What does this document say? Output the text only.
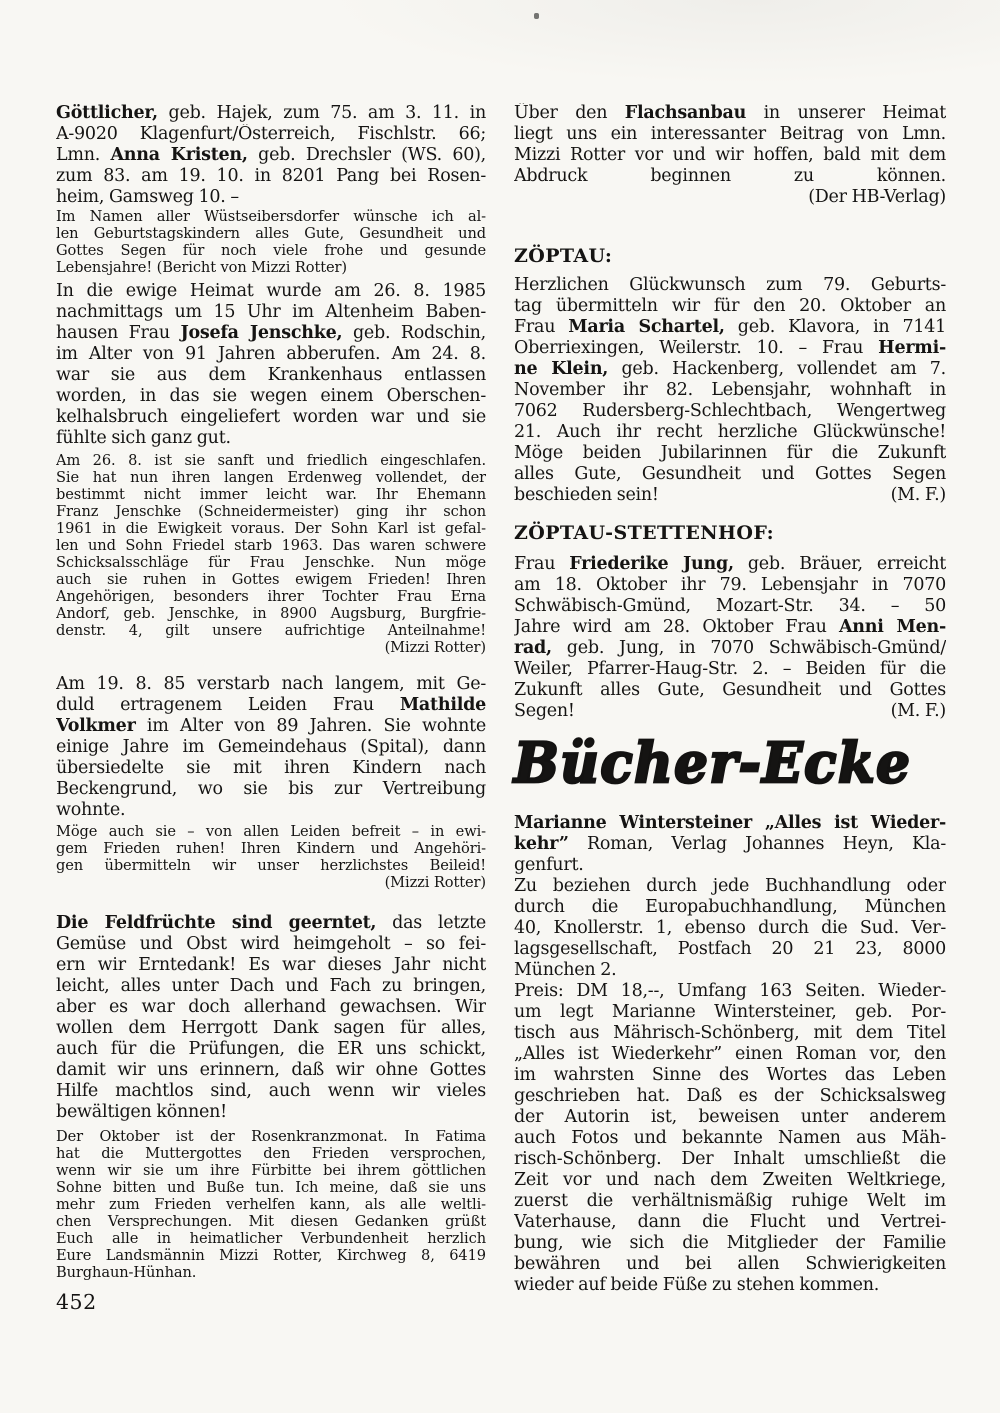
Göttlicher, geb. Hajek, zum 75. am 3. 11. in
A-9020 Klagenfurt/Österreich, Fischlstr. 66;
Lmn. Anna Kristen, geb. Drechsler (WS. 60),
zum 83. am 19. 10. in 8201 Pang bei Rosen-
heim, Gamsweg 10. –
Im Namen aller Wüstseibersdorfer wünsche ich al-
len Geburtstagskindern alles Gute, Gesundheit und
Gottes Segen für noch viele frohe und gesunde
Lebensjahre! (Bericht von Mizzi Rotter)
In die ewige Heimat wurde am 26. 8. 1985
nachmittags um 15 Uhr im Altenheim Baben-
hausen Frau Josefa Jenschke, geb. Rodschin,
im Alter von 91 Jahren abberufen. Am 24. 8.
war sie aus dem Krankenhaus entlassen
worden, in das sie wegen einem Oberschen-
kelhalsbruch eingeliefert worden war und sie
fühlte sich ganz gut.
Am 26. 8. ist sie sanft und friedlich eingeschlafen.
Sie hat nun ihren langen Erdenweg vollendet, der
bestimmt nicht immer leicht war. Ihr Ehemann
Franz Jenschke (Schneidermeister) ging ihr schon
1961 in die Ewigkeit voraus. Der Sohn Karl ist gefal-
len und Sohn Friedel starb 1963. Das waren schwere
Schicksalsschläge für Frau Jenschke. Nun möge
auch sie ruhen in Gottes ewigem Frieden! Ihren
Angehörigen, besonders ihrer Tochter Frau Erna
Andorf, geb. Jenschke, in 8900 Augsburg, Burgfrie-
denstr. 4, gilt unsere aufrichtige Anteilnahme!
(Mizzi Rotter)
Am 19. 8. 85 verstarb nach langem, mit Ge-
duld ertragenem Leiden Frau Mathilde
Volkmer im Alter von 89 Jahren. Sie wohnte
einige Jahre im Gemeindehaus (Spital), dann
übersiedelte sie mit ihren Kindern nach
Beckengrund, wo sie bis zur Vertreibung
wohnte.
Möge auch sie – von allen Leiden befreit – in ewi-
gem Frieden ruhen! Ihren Kindern und Angehöri-
gen übermitteln wir unser herzlichstes Beileid!
(Mizzi Rotter)
Die Feldfrüchte sind geerntet, das letzte
Gemüse und Obst wird heimgeholt – so fei-
ern wir Erntedank! Es war dieses Jahr nicht
leicht, alles unter Dach und Fach zu bringen,
aber es war doch allerhand gewachsen. Wir
wollen dem Herrgott Dank sagen für alles,
auch für die Prüfungen, die ER uns schickt,
damit wir uns erinnern, daß wir ohne Gottes
Hilfe machtlos sind, auch wenn wir vieles
bewältigen können!
Der Oktober ist der Rosenkranzmonat. In Fatima
hat die Muttergottes den Frieden versprochen,
wenn wir sie um ihre Fürbitte bei ihrem göttlichen
Sohne bitten und Buße tun. Ich meine, daß sie uns
mehr zum Frieden verhelfen kann, als alle weltli-
chen Versprechungen. Mit diesen Gedanken grüßt
Euch alle in heimatlicher Verbundenheit herzlich
Eure Landsmännin Mizzi Rotter, Kirchweg 8, 6419
Burghaun-Hünhan.
Über den Flachsanbau in unserer Heimat
liegt uns ein interessanter Beitrag von Lmn.
Mizzi Rotter vor und wir hoffen, bald mit dem
Abdruck beginnen zu können.
(Der HB-Verlag)
ZÖPTAU:
Herzlichen Glückwunsch zum 79. Geburts-
tag übermitteln wir für den 20. Oktober an
Frau Maria Schartel, geb. Klavora, in 7141
Oberriexingen, Weilerstr. 10. – Frau Hermi-
ne Klein, geb. Hackenberg, vollendet am 7.
November ihr 82. Lebensjahr, wohnhaft in
7062 Rudersberg-Schlechtbach, Wengertweg
21. Auch ihr recht herzliche Glückwünsche!
Möge beiden Jubilarinnen für die Zukunft
alles Gute, Gesundheit und Gottes Segen
beschieden sein!	(M. F.)
ZÖPTAU-STETTENHOF:
Frau Friederike Jung, geb. Bräuer, erreicht
am 18. Oktober ihr 79. Lebensjahr in 7070
Schwäbisch-Gmünd, Mozart-Str. 34. – 50
Jahre wird am 28. Oktober Frau Anni Men-
rad, geb. Jung, in 7070 Schwäbisch-Gmünd/
Weiler, Pfarrer-Haug-Str. 2. – Beiden für die
Zukunft alles Gute, Gesundheit und Gottes
Segen!	(M. F.)
Bücher-Ecke
Marianne Wintersteiner „Alles ist Wieder-
kehr” Roman, Verlag Johannes Heyn, Kla-
genfurt.
Zu beziehen durch jede Buchhandlung oder
durch die Europabuchhandlung, München
40, Knollerstr. 1, ebenso durch die Sud. Ver-
lagsgesellschaft, Postfach 20 21 23, 8000
München 2.
Preis: DM 18,--, Umfang 163 Seiten. Wieder-
um legt Marianne Wintersteiner, geb. Por-
tisch aus Mährisch-Schönberg, mit dem Titel
„Alles ist Wiederkehr” einen Roman vor, den
im wahrsten Sinne des Wortes das Leben
geschrieben hat. Daß es der Schicksalsweg
der Autorin ist, beweisen unter anderem
auch Fotos und bekannte Namen aus Mäh-
risch-Schönberg. Der Inhalt umschließt die
Zeit vor und nach dem Zweiten Weltkriege,
zuerst die verhältnismäßig ruhige Welt im
Vaterhause, dann die Flucht und Vertrei-
bung, wie sich die Mitglieder der Familie
bewähren und bei allen Schwierigkeiten
wieder auf beide Füße zu stehen kommen.
452
